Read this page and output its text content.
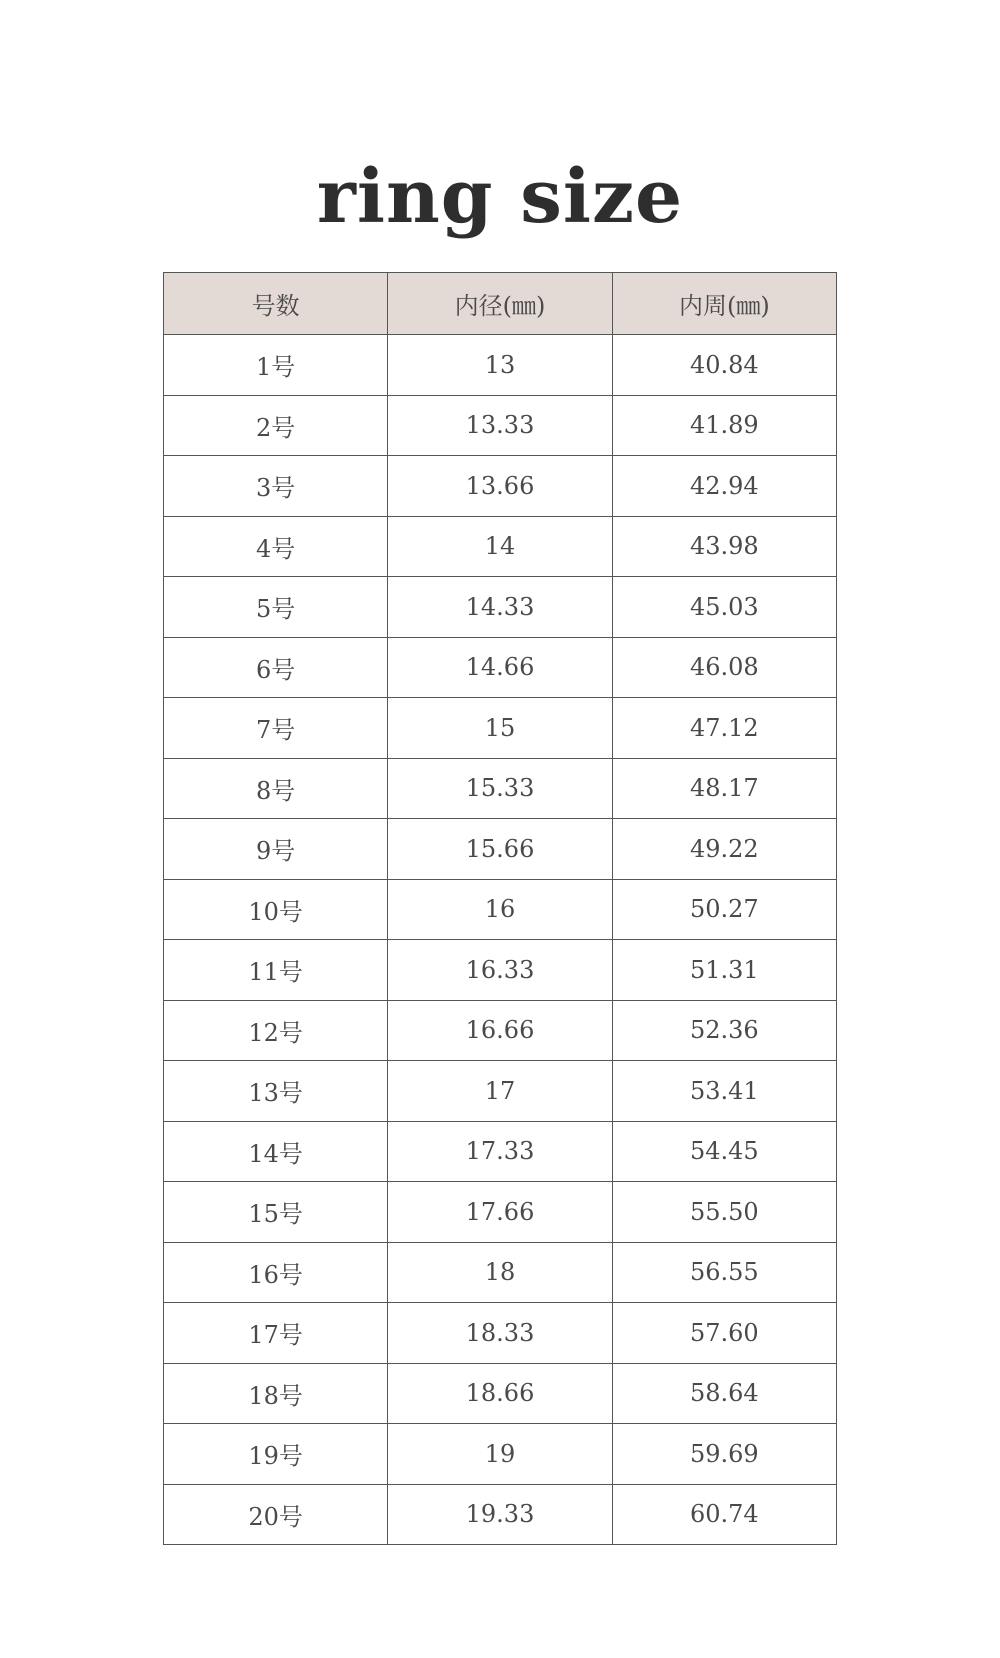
ring size
号数	内径(㎜)	内周(㎜)
1号	13	40.84
2号	13.33	41.89
3号	13.66	42.94
4号	14	43.98
5号	14.33	45.03
6号	14.66	46.08
7号	15	47.12
8号	15.33	48.17
9号	15.66	49.22
10号	16	50.27
11号	16.33	51.31
12号	16.66	52.36
13号	17	53.41
14号	17.33	54.45
15号	17.66	55.50
16号	18	56.55
17号	18.33	57.60
18号	18.66	58.64
19号	19	59.69
20号	19.33	60.74
